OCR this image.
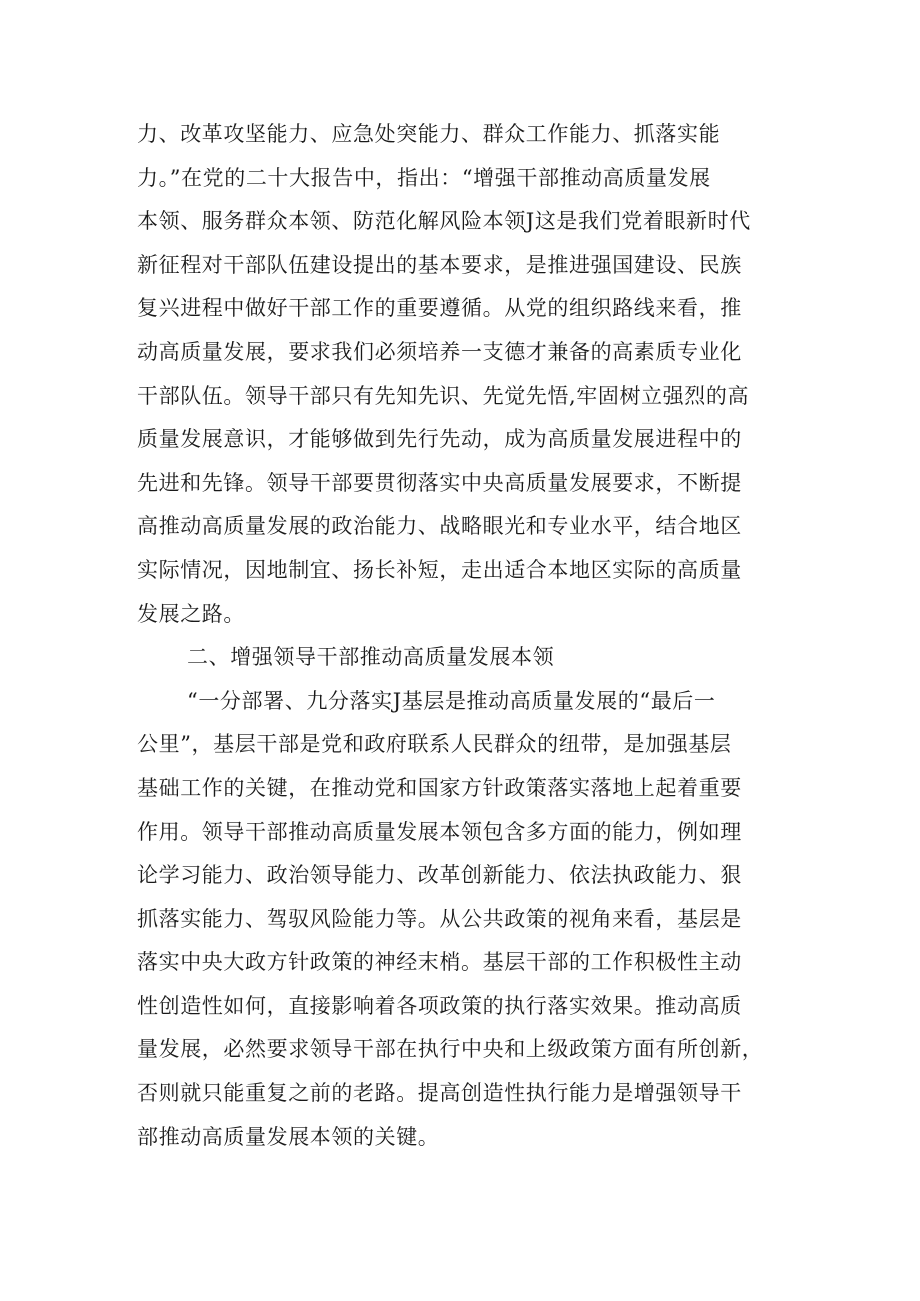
力、改革攻坚能力、应急处突能力、群众工作能力、抓落实能
力。”在党的二十大报告中，指出：“增强干部推动高质量发展
本领、服务群众本领、防范化解风险本领J这是我们党着眼新时代
新征程对干部队伍建设提出的基本要求，是推进强国建设、民族
复兴进程中做好干部工作的重要遵循。从党的组织路线来看，推
动高质量发展，要求我们必须培养一支德才兼备的高素质专业化
干部队伍。领导干部只有先知先识、先觉先悟,牢固树立强烈的高
质量发展意识，才能够做到先行先动，成为高质量发展进程中的
先进和先锋。领导干部要贯彻落实中央高质量发展要求，不断提
高推动高质量发展的政治能力、战略眼光和专业水平，结合地区
实际情况，因地制宜、扬长补短，走出适合本地区实际的高质量
发展之路。
二、增强领导干部推动高质量发展本领
“一分部署、九分落实J基层是推动高质量发展的“最后一
公里”，基层干部是党和政府联系人民群众的纽带，是加强基层
基础工作的关键，在推动党和国家方针政策落实落地上起着重要
作用。领导干部推动高质量发展本领包含多方面的能力，例如理
论学习能力、政治领导能力、改革创新能力、依法执政能力、狠
抓落实能力、驾驭风险能力等。从公共政策的视角来看，基层是
落实中央大政方针政策的神经末梢。基层干部的工作积极性主动
性创造性如何，直接影响着各项政策的执行落实效果。推动高质
量发展，必然要求领导干部在执行中央和上级政策方面有所创新，
否则就只能重复之前的老路。提高创造性执行能力是增强领导干
部推动高质量发展本领的关键。
